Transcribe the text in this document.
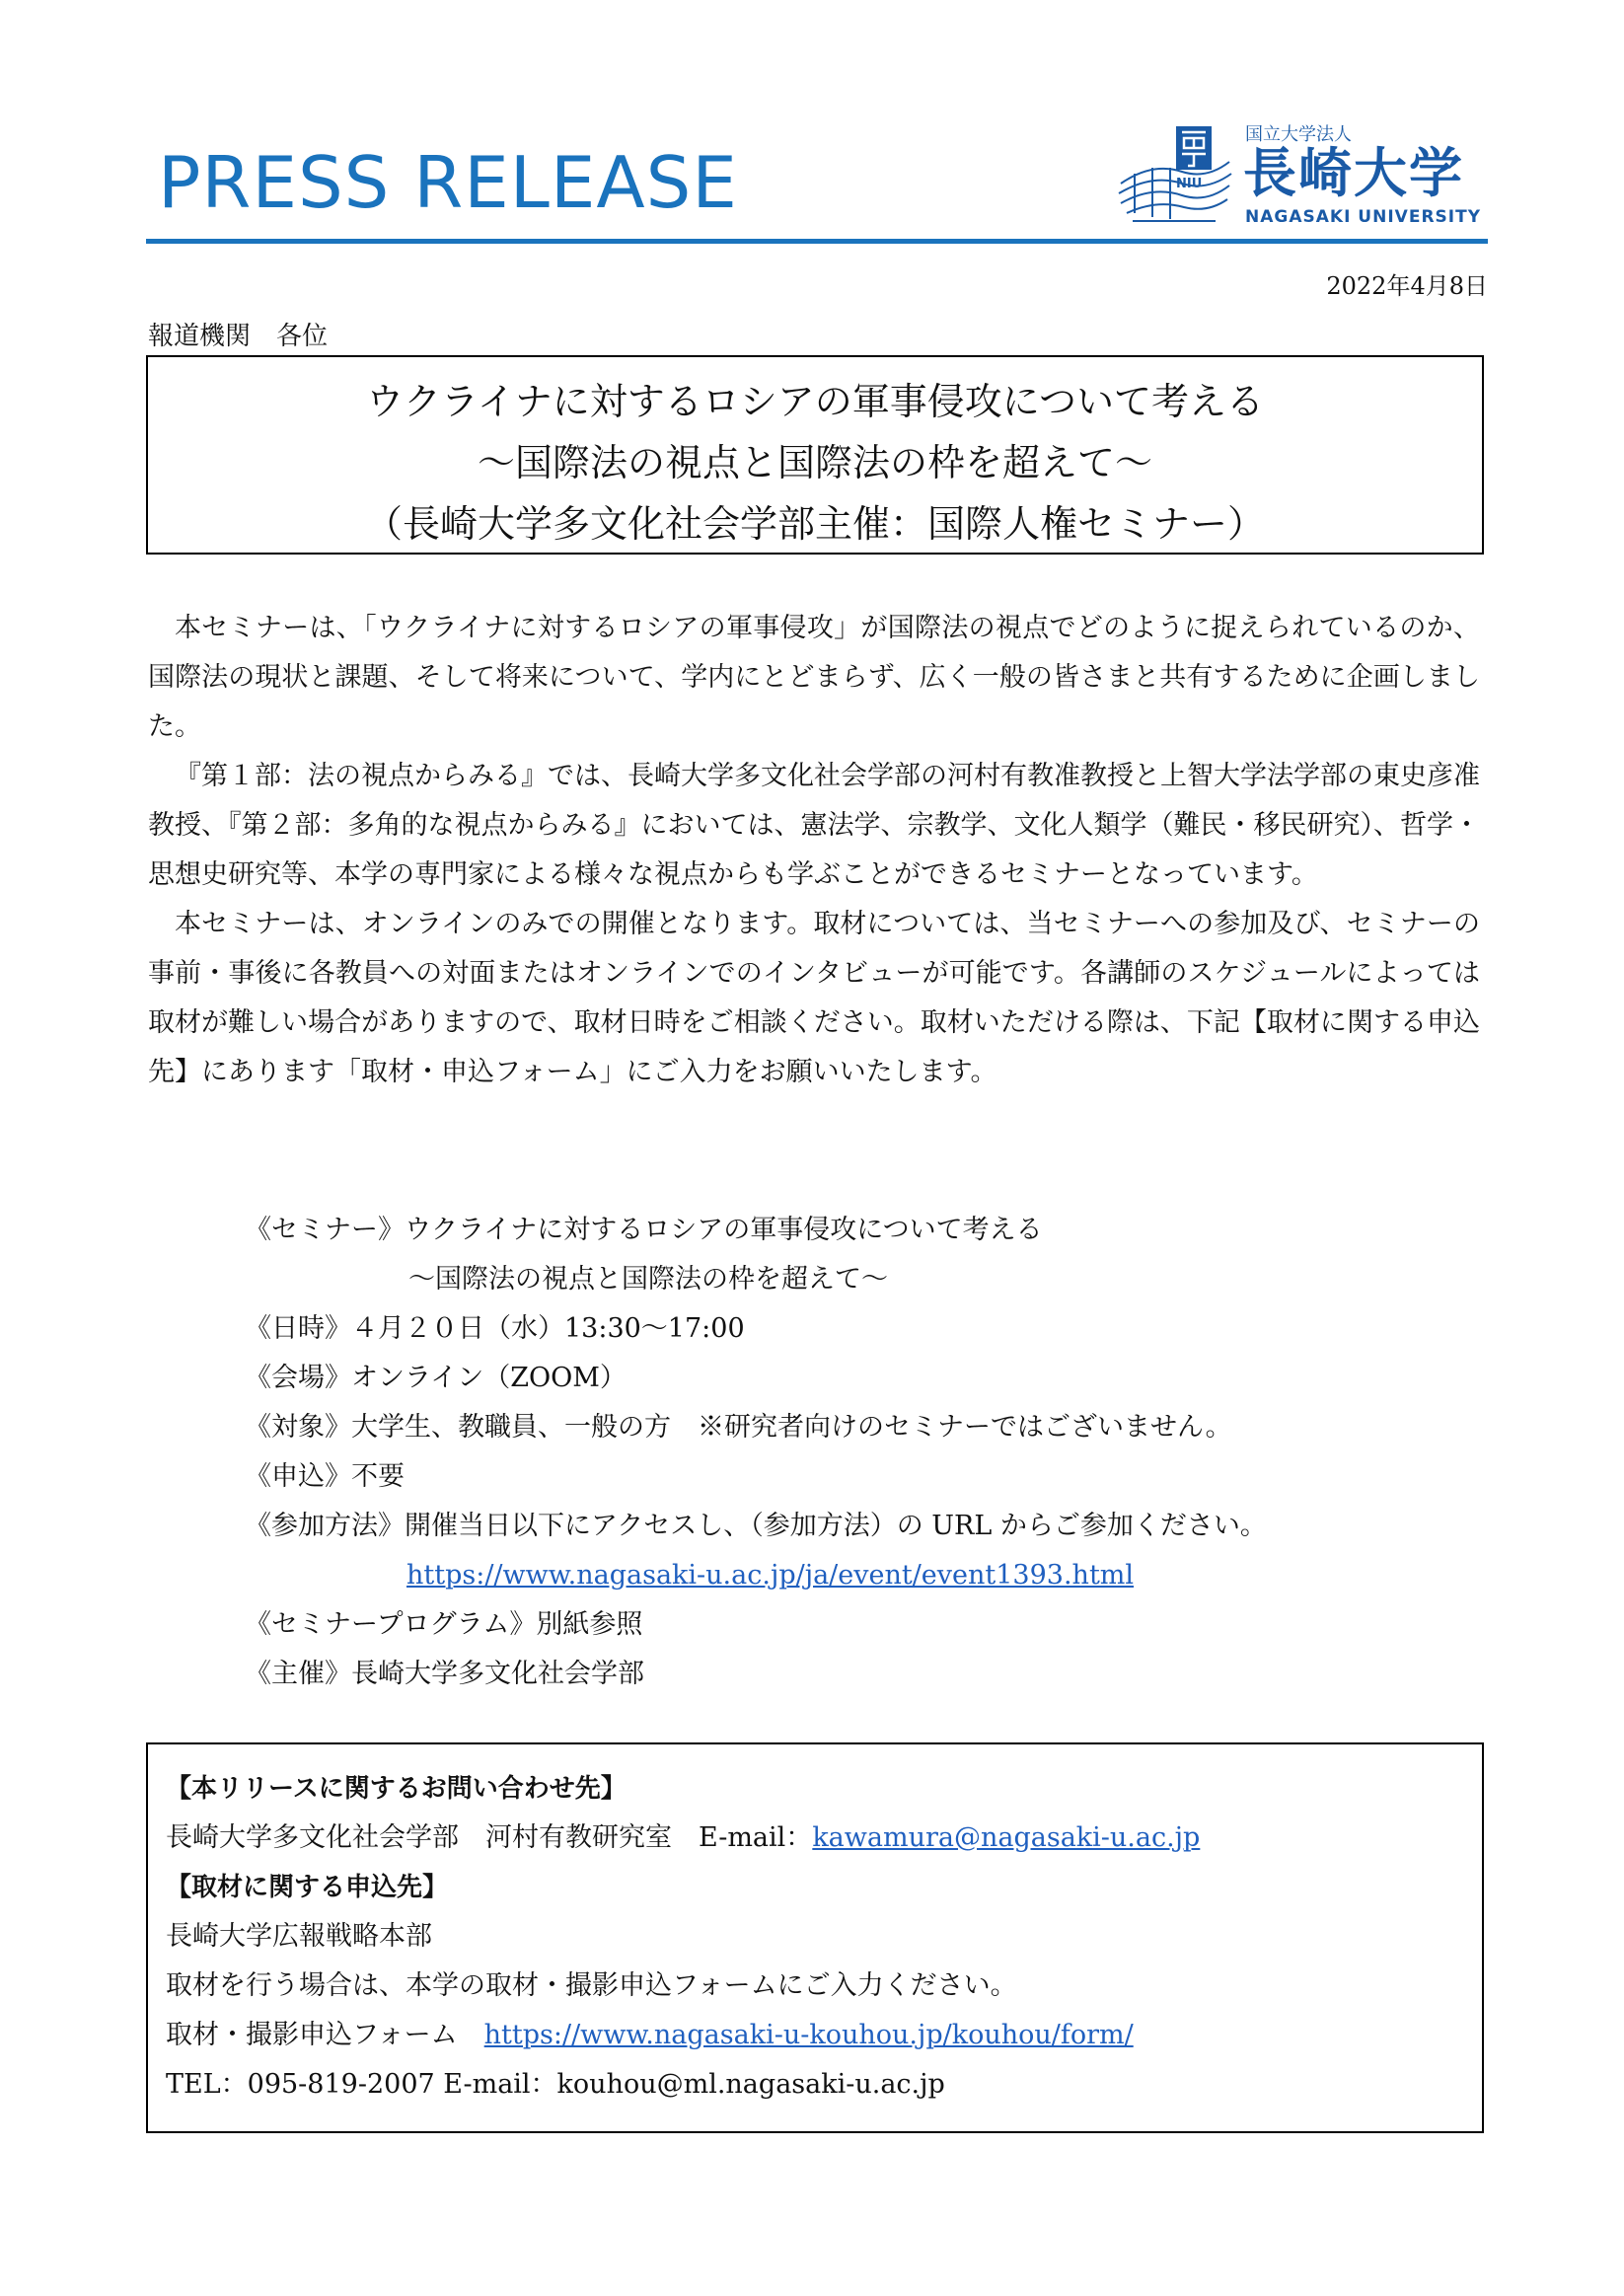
PRESS RELEASE	NIU
国立大学法人
長崎大学
NAGASAKI UNIVERSITY
2022年4月8日
報道機関　各位
ウクライナに対するロシアの軍事侵攻について考える
～国際法の視点と国際法の枠を超えて～
（長崎大学多文化社会学部主催：国際人権セミナー）

本セミナーは、「ウクライナに対するロシアの軍事侵攻」が国際法の視点でどのように捉えられているのか、国際法の現状と課題、そして将来について、学内にとどまらず、広く一般の皆さまと共有するために企画しました。

『第１部：法の視点からみる』では、長崎大学多文化社会学部の河村有教准教授と上智大学法学部の東史彦准教授、『第２部：多角的な視点からみる』においては、憲法学、宗教学、文化人類学（難民・移民研究）、哲学・思想史研究等、本学の専門家による様々な視点からも学ぶことができるセミナーとなっています。

本セミナーは、オンラインのみでの開催となります。取材については、当セミナーへの参加及び、セミナーの事前・事後に各教員への対面またはオンラインでのインタビューが可能です。各講師のスケジュールによっては取材が難しい場合がありますので、取材日時をご相談ください。取材いただける際は、下記【取材に関する申込先】にあります「取材・申込フォーム」にご入力をお願いいたします。

《セミナー》ウクライナに対するロシアの軍事侵攻について考える
～国際法の視点と国際法の枠を超えて～
《日時》４月２０日（水）13:30～17:00
《会場》オンライン（ZOOM）
《対象》大学生、教職員、一般の方　※研究者向けのセミナーではございません。
《申込》不要
《参加方法》開催当日以下にアクセスし、（参加方法）の URL からご参加ください。
https://www.nagasaki-u.ac.jp/ja/event/event1393.html
《セミナープログラム》別紙参照
《主催》長崎大学多文化社会学部
【本リリースに関するお問い合わせ先】
長崎大学多文化社会学部　河村有教研究室　E-mail：kawamura@nagasaki-u.ac.jp
【取材に関する申込先】
長崎大学広報戦略本部
取材を行う場合は、本学の取材・撮影申込フォームにご入力ください。
取材・撮影申込フォーム　https://www.nagasaki-u-kouhou.jp/kouhou/form/
TEL：095-819-2007 E-mail：kouhou@ml.nagasaki-u.ac.jp
